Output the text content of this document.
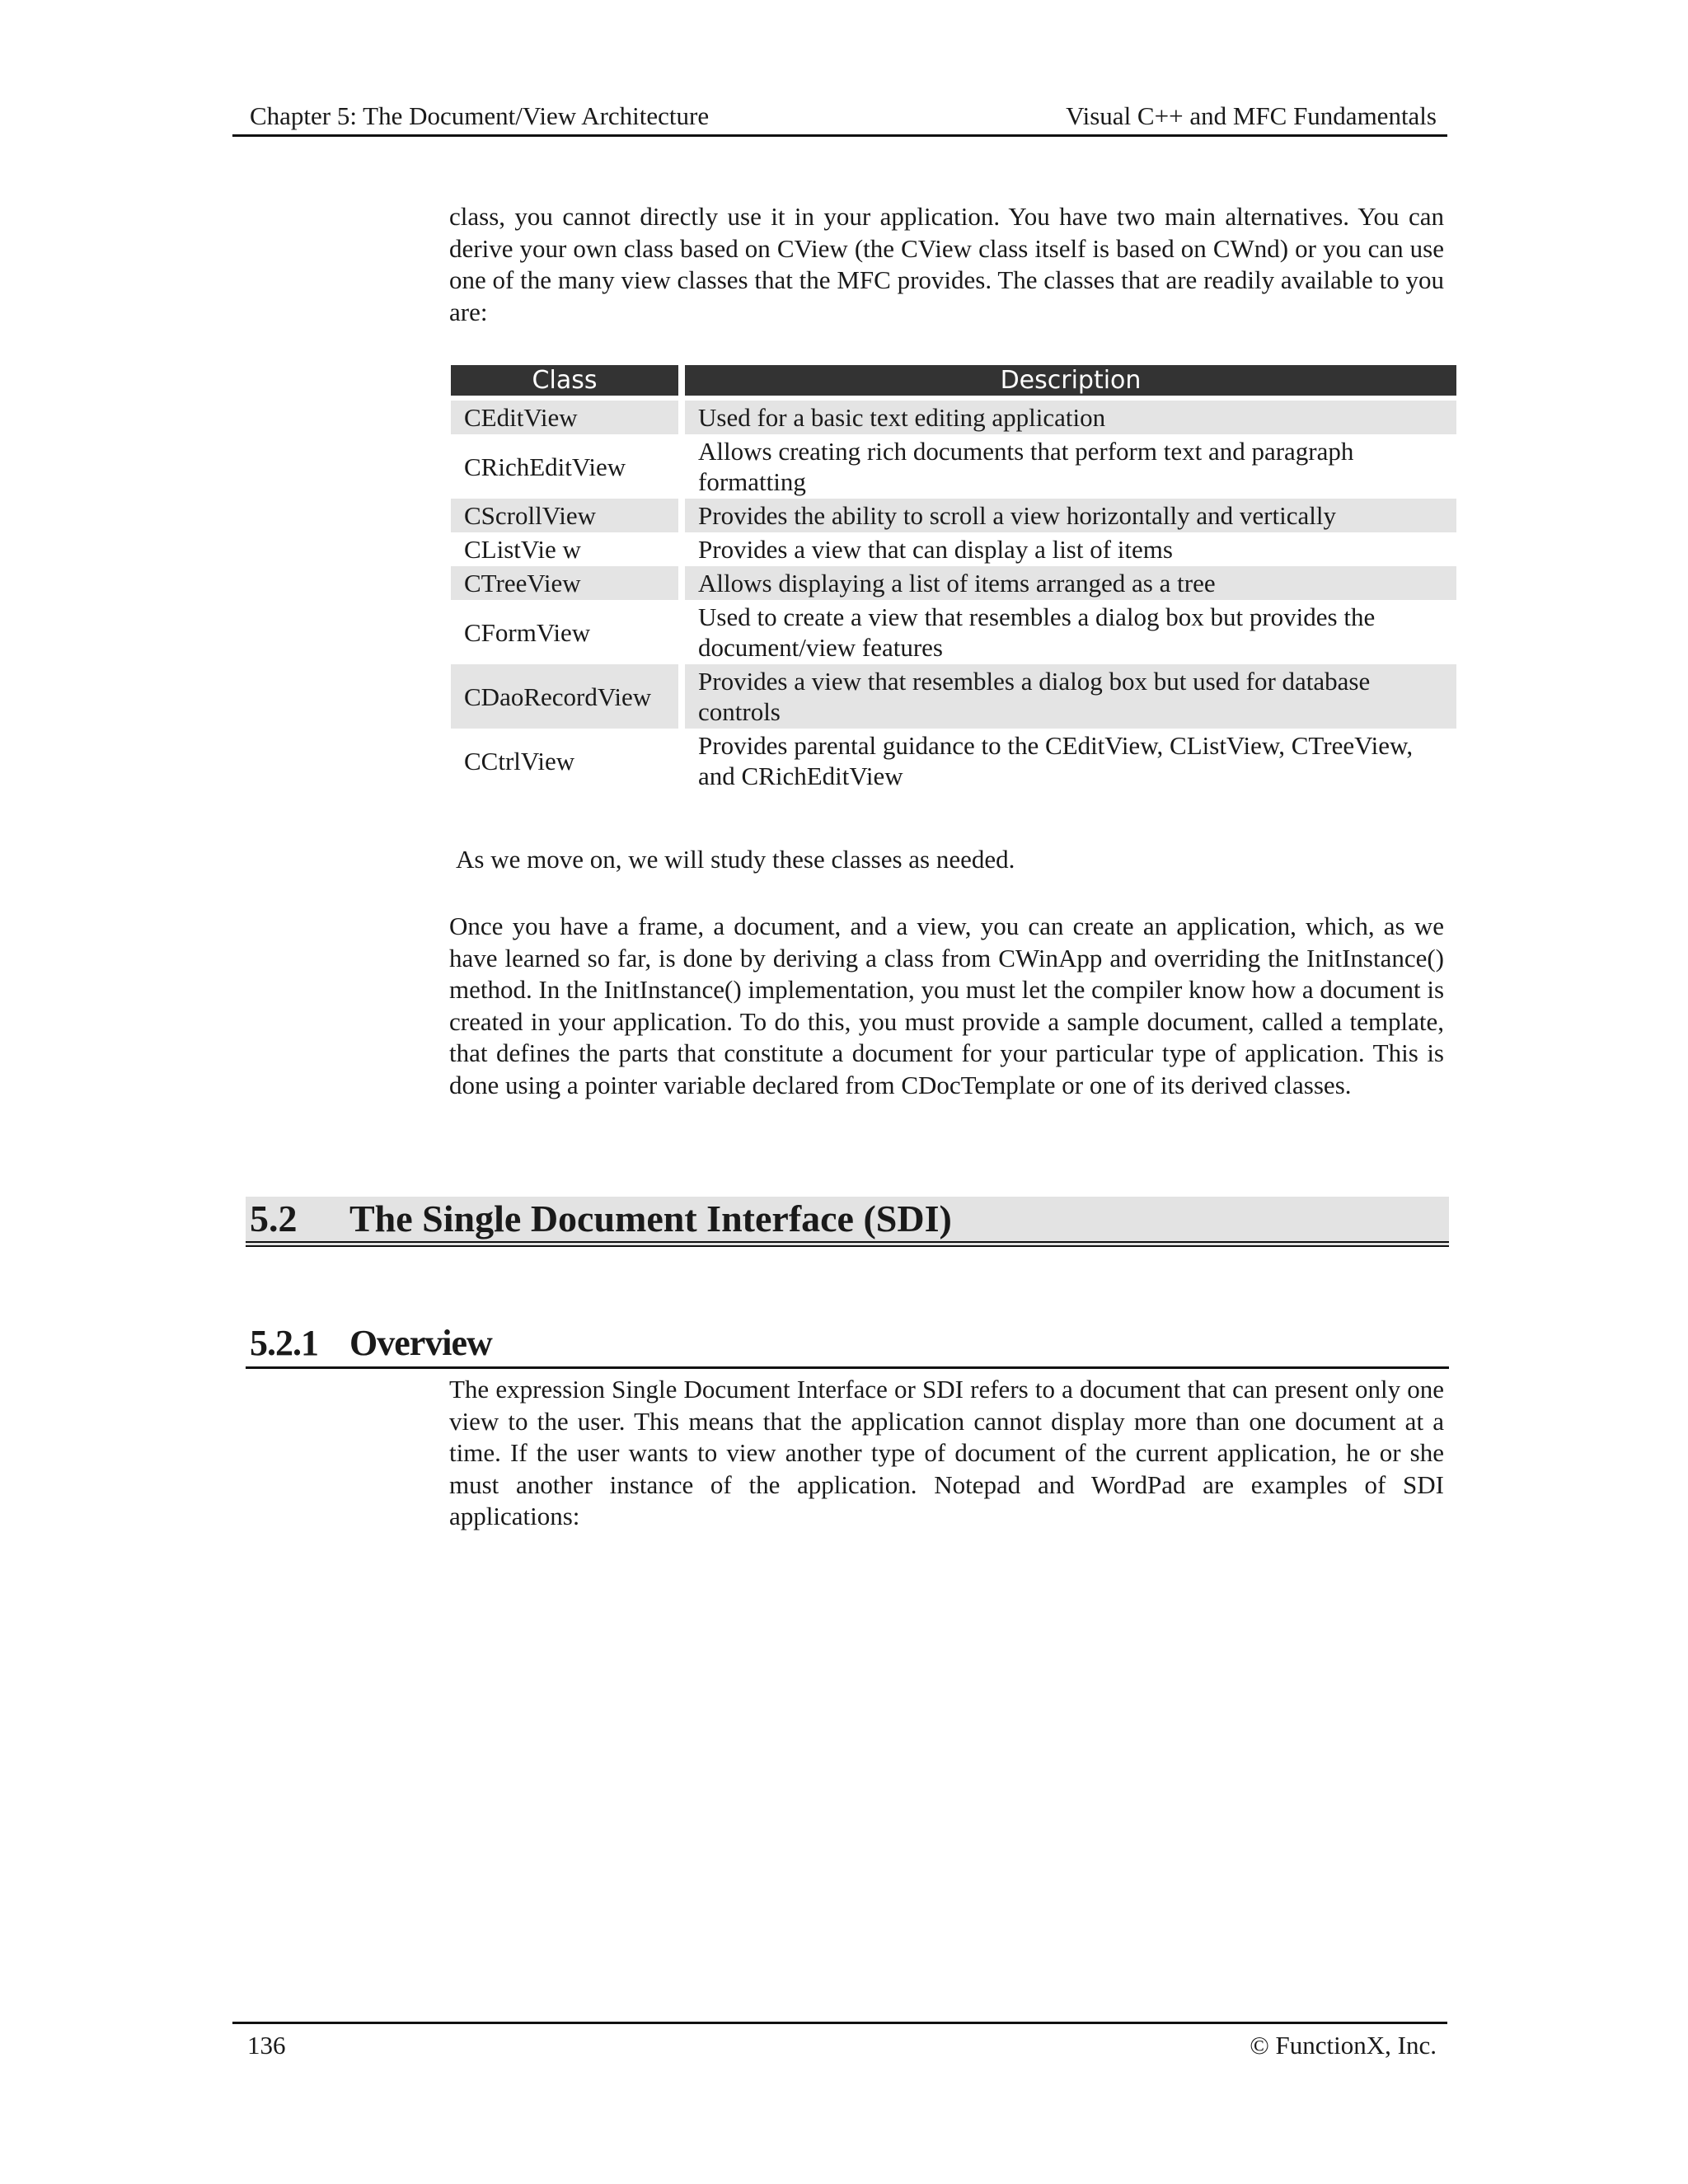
Chapter 5: The Document/View Architecture	Visual C++ and MFC Fundamentals

class, you cannot directly use it in your application. You have two main alternatives. You can derive your own class based on CView (the CView class itself is based on CWnd) or you can use one of the many view classes that the MFC provides. The classes that are readily available to you are:

Class		Description

CEditView		Used for a basic text editing application
CRichEditView		Allows creating rich documents that perform text and paragraph formatting
CScrollView		Provides the ability to scroll a view horizontally and vertically
CListVie w		Provides a view that can display a list of items
CTreeView		Allows displaying a list of items arranged as a tree
CFormView		Used to create a view that resembles a dialog box but provides the document/view features
CDaoRecordView		Provides a view that resembles a dialog box but used for database controls
CCtrlView		Provides parental guidance to the CEditView, CListView, CTreeView, and CRichEditView

As we move on, we will study these classes as needed.

Once you have a frame, a document, and a view, you can create an application, which, as we have learned so far, is done by deriving a class from CWinApp and overriding the InitInstance() method. In the InitInstance() implementation, you must let the compiler know how a document is created in your application. To do this, you must provide a sample document, called a template, that defines the parts that constitute a document for your particular type of application. This is done using a pointer variable declared from CDocTemplate or one of its derived classes.

5.2 The Single Document Interface (SDI)
5.2.1 Overview

The expression Single Document Interface or SDI refers to a document that can present only one view to the user. This means that the application cannot display more than one document at a time. If the user wants to view another type of document of the current application, he or she must another instance of the application. Notepad and WordPad are examples of SDI applications:

136	© FunctionX, Inc.
